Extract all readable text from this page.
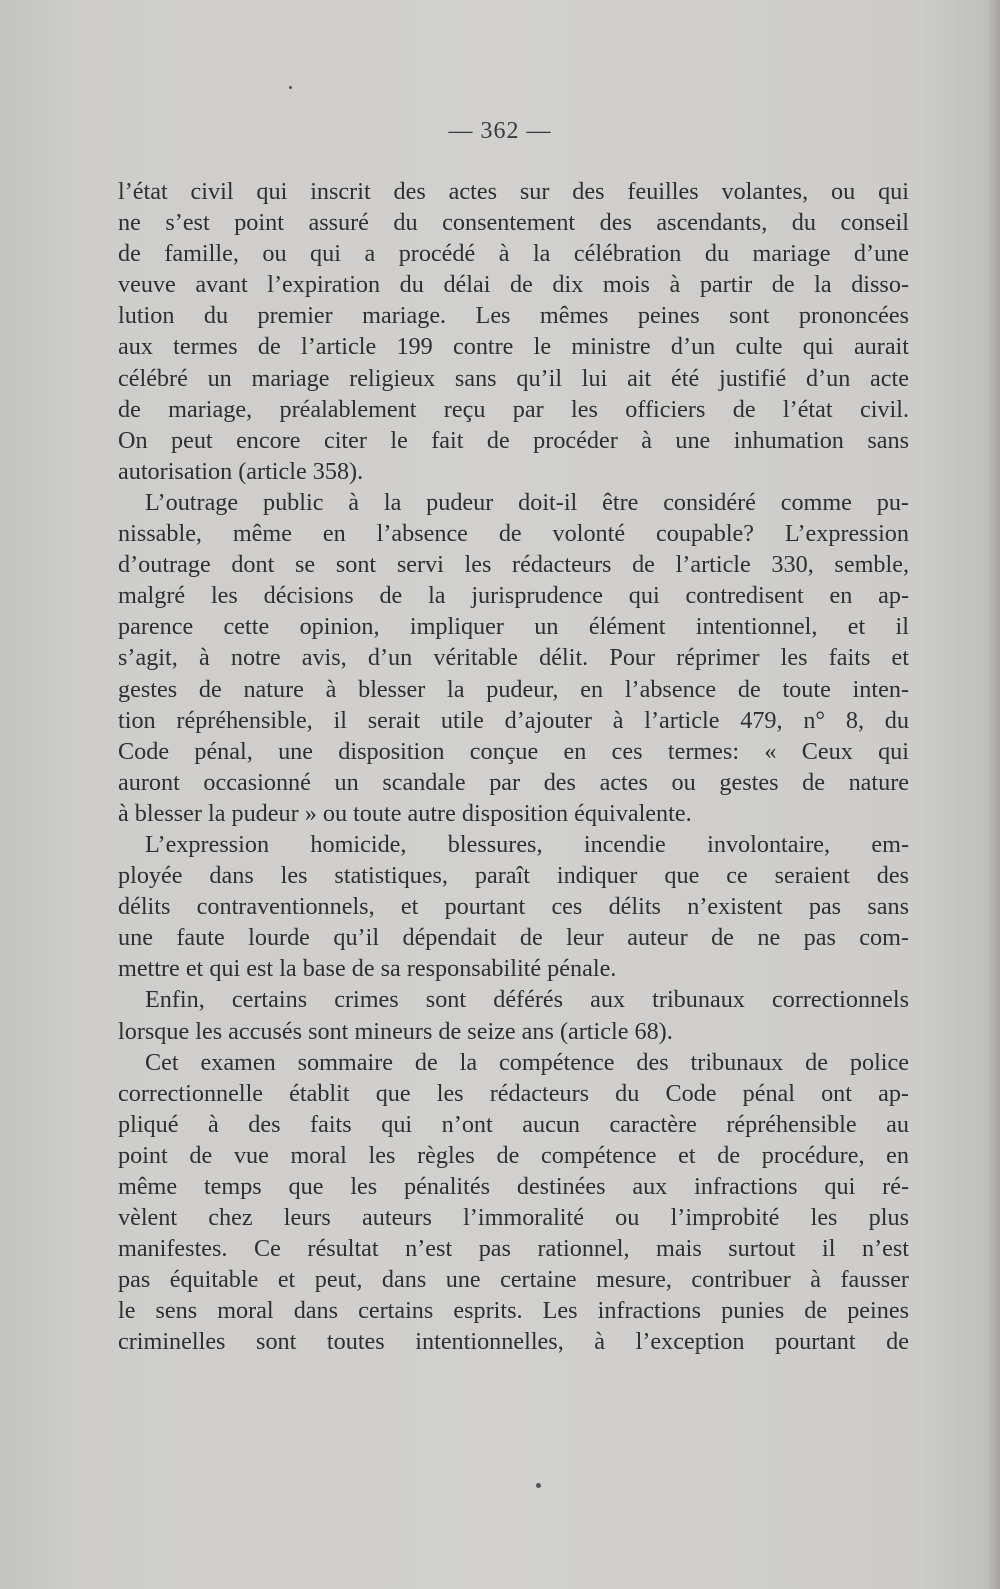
— 362 —
l’état civil qui inscrit des actes sur des feuilles volantes, ou qui
ne s’est point assuré du consentement des ascendants, du conseil
de famille, ou qui a procédé à la célébration du mariage d’une
veuve avant l’expiration du délai de dix mois à partir de la disso-
lution du premier mariage. Les mêmes peines sont prononcées
aux termes de l’article 199 contre le ministre d’un culte qui aurait
célébré un mariage religieux sans qu’il lui ait été justifié d’un acte
de mariage, préalablement reçu par les officiers de l’état civil.
On peut encore citer le fait de procéder à une inhumation sans
autorisation (article 358).
L’outrage public à la pudeur doit-il être considéré comme pu-
nissable, même en l’absence de volonté coupable? L’expression
d’outrage dont se sont servi les rédacteurs de l’article 330, semble,
malgré les décisions de la jurisprudence qui contredisent en ap-
parence cette opinion, impliquer un élément intentionnel, et il
s’agit, à notre avis, d’un véritable délit. Pour réprimer les faits et
gestes de nature à blesser la pudeur, en l’absence de toute inten-
tion répréhensible, il serait utile d’ajouter à l’article 479, n° 8, du
Code pénal, une disposition conçue en ces termes: « Ceux qui
auront occasionné un scandale par des actes ou gestes de nature
à blesser la pudeur » ou toute autre disposition équivalente.
L’expression homicide, blessures, incendie involontaire, em-
ployée dans les statistiques, paraît indiquer que ce seraient des
délits contraventionnels, et pourtant ces délits n’existent pas sans
une faute lourde qu’il dépendait de leur auteur de ne pas com-
mettre et qui est la base de sa responsabilité pénale.
Enfin, certains crimes sont déférés aux tribunaux correctionnels
lorsque les accusés sont mineurs de seize ans (article 68).
Cet examen sommaire de la compétence des tribunaux de police
correctionnelle établit que les rédacteurs du Code pénal ont ap-
pliqué à des faits qui n’ont aucun caractère répréhensible au
point de vue moral les règles de compétence et de procédure, en
même temps que les pénalités destinées aux infractions qui ré-
vèlent chez leurs auteurs l’immoralité ou l’improbité les plus
manifestes. Ce résultat n’est pas rationnel, mais surtout il n’est
pas équitable et peut, dans une certaine mesure, contribuer à fausser
le sens moral dans certains esprits. Les infractions punies de peines
criminelles sont toutes intentionnelles, à l’exception pourtant de
